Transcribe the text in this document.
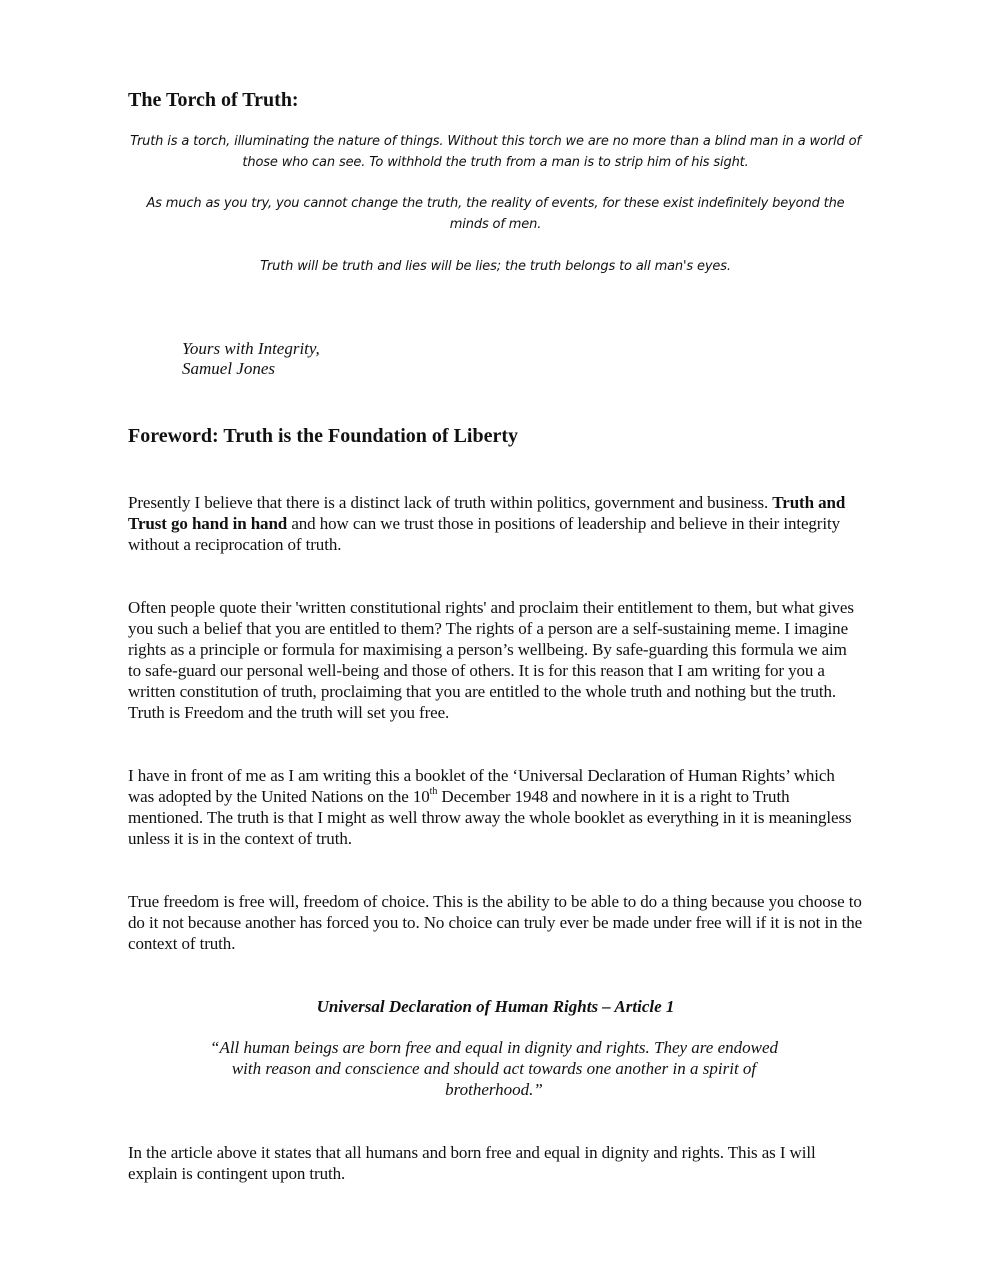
The Torch of Truth:
Truth is a torch, illuminating the nature of things. Without this torch we are no more than a blind man in a world of those who can see. To withhold the truth from a man is to strip him of his sight.
As much as you try, you cannot change the truth, the reality of events, for these exist indefinitely beyond the minds of men.
Truth will be truth and lies will be lies; the truth belongs to all man's eyes.
Yours with Integrity,
Samuel Jones
Foreword: Truth is the Foundation of Liberty

Presently I believe that there is a distinct lack of truth within politics, government and business. Truth and Trust go hand in hand and how can we trust those in positions of leadership and believe in their integrity without a reciprocation of truth.

Often people quote their 'written constitutional rights' and proclaim their entitlement to them, but what gives you such a belief that you are entitled to them? The rights of a person are a self-sustaining meme. I imagine rights as a principle or formula for maximising a person’s wellbeing. By safe-guarding this formula we aim to safe-guard our personal well-being and those of others. It is for this reason that I am writing for you a written constitution of truth, proclaiming that you are entitled to the whole truth and nothing but the truth. Truth is Freedom and the truth will set you free.

I have in front of me as I am writing this a booklet of the ‘Universal Declaration of Human Rights’ which was adopted by the United Nations on the 10th December 1948 and nowhere in it is a right to Truth mentioned. The truth is that I might as well throw away the whole booklet as everything in it is meaningless unless it is in the context of truth.

True freedom is free will, freedom of choice. This is the ability to be able to do a thing because you choose to do it not because another has forced you to. No choice can truly ever be made under free will if it is not in the context of truth.

Universal Declaration of Human Rights – Article 1
“All human beings are born free and equal in dignity and rights. They are endowed with reason and conscience and should act towards one another in a spirit of brotherhood.”

In the article above it states that all humans and born free and equal in dignity and rights. This as I will explain is contingent upon truth.
